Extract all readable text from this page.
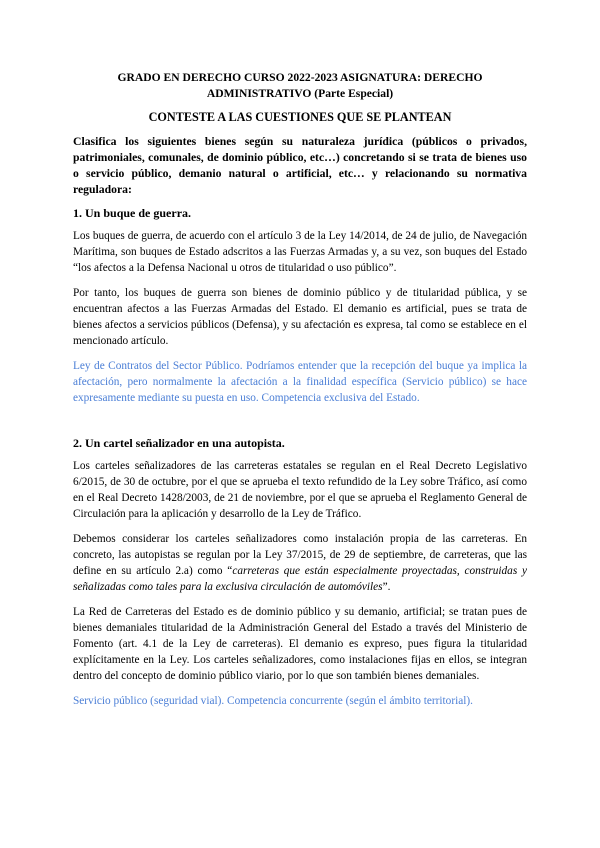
GRADO EN DERECHO CURSO 2022-2023 ASIGNATURA: DERECHO
ADMINISTRATIVO (Parte Especial)
CONTESTE A LAS CUESTIONES QUE SE PLANTEAN

Clasifica los siguientes bienes según su naturaleza jurídica (públicos o privados, patrimoniales, comunales, de dominio público, etc…) concretando si se trata de bienes uso o servicio público, demanio natural o artificial, etc… y relacionando su normativa reguladora:

1. Un buque de guerra.

Los buques de guerra, de acuerdo con el artículo 3 de la Ley 14/2014, de 24 de julio, de Navegación Marítima, son buques de Estado adscritos a las Fuerzas Armadas y, a su vez, son buques del Estado “los afectos a la Defensa Nacional u otros de titularidad o uso público”.

Por tanto, los buques de guerra son bienes de dominio público y de titularidad pública, y se encuentran afectos a las Fuerzas Armadas del Estado. El demanio es artificial, pues se trata de bienes afectos a servicios públicos (Defensa), y su afectación es expresa, tal como se establece en el mencionado artículo.

Ley de Contratos del Sector Público. Podríamos entender que la recepción del buque ya implica la afectación, pero normalmente la afectación a la finalidad específica (Servicio público) se hace expresamente mediante su puesta en uso. Competencia exclusiva del Estado.

2. Un cartel señalizador en una autopista.

Los carteles señalizadores de las carreteras estatales se regulan en el Real Decreto Legislativo 6/2015, de 30 de octubre, por el que se aprueba el texto refundido de la Ley sobre Tráfico, así como en el Real Decreto 1428/2003, de 21 de noviembre, por el que se aprueba el Reglamento General de Circulación para la aplicación y desarrollo de la Ley de Tráfico.

Debemos considerar los carteles señalizadores como instalación propia de las carreteras. En concreto, las autopistas se regulan por la Ley 37/2015, de 29 de septiembre, de carreteras, que las define en su artículo 2.a) como “carreteras que están especialmente proyectadas, construidas y señalizadas como tales para la exclusiva circulación de automóviles”.

La Red de Carreteras del Estado es de dominio público y su demanio, artificial; se tratan pues de bienes demaniales titularidad de la Administración General del Estado a través del Ministerio de Fomento (art. 4.1 de la Ley de carreteras). El demanio es expreso, pues figura la titularidad explícitamente en la Ley. Los carteles señalizadores, como instalaciones fijas en ellos, se integran dentro del concepto de dominio público viario, por lo que son también bienes demaniales.

Servicio público (seguridad vial). Competencia concurrente (según el ámbito territorial).
